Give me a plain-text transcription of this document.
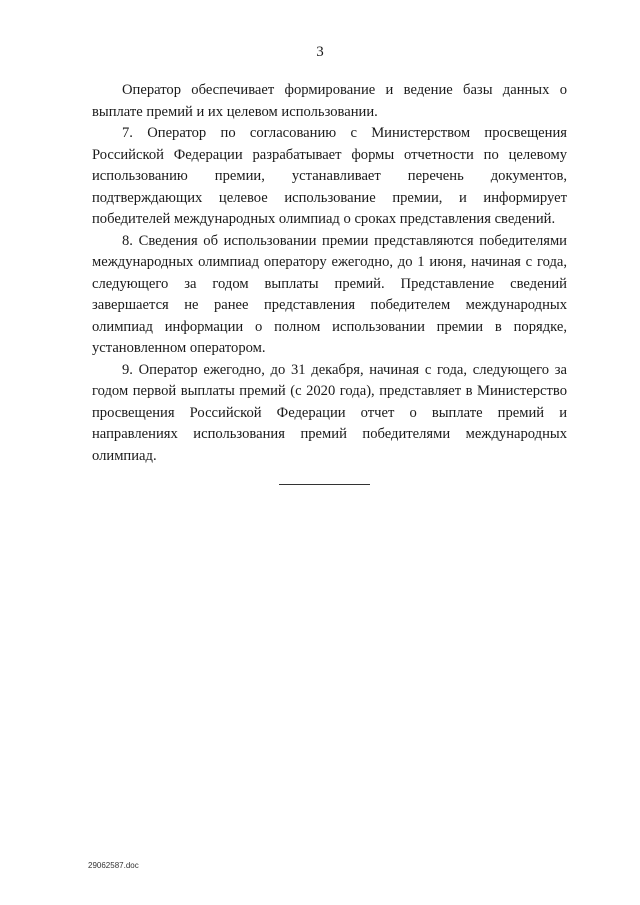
3

Оператор обеспечивает формирование и ведение базы данных о выплате премий и их целевом использовании.

7. Оператор по согласованию с Министерством просвещения Российской Федерации разрабатывает формы отчетности по целевому использованию премии, устанавливает перечень документов, подтверждающих целевое использование премии, и информирует победителей международных олимпиад о сроках представления сведений.

8. Сведения об использовании премии представляются победителями международных олимпиад оператору ежегодно, до 1 июня, начиная с года, следующего за годом выплаты премий. Представление сведений завершается не ранее представления победителем международных олимпиад информации о полном использовании премии в порядке, установленном оператором.

9. Оператор ежегодно, до 31 декабря, начиная с года, следующего за годом первой выплаты премий (с 2020 года), представляет в Министерство просвещения Российской Федерации отчет о выплате премий и направлениях использования премий победителями международных олимпиад.

29062587.doc
